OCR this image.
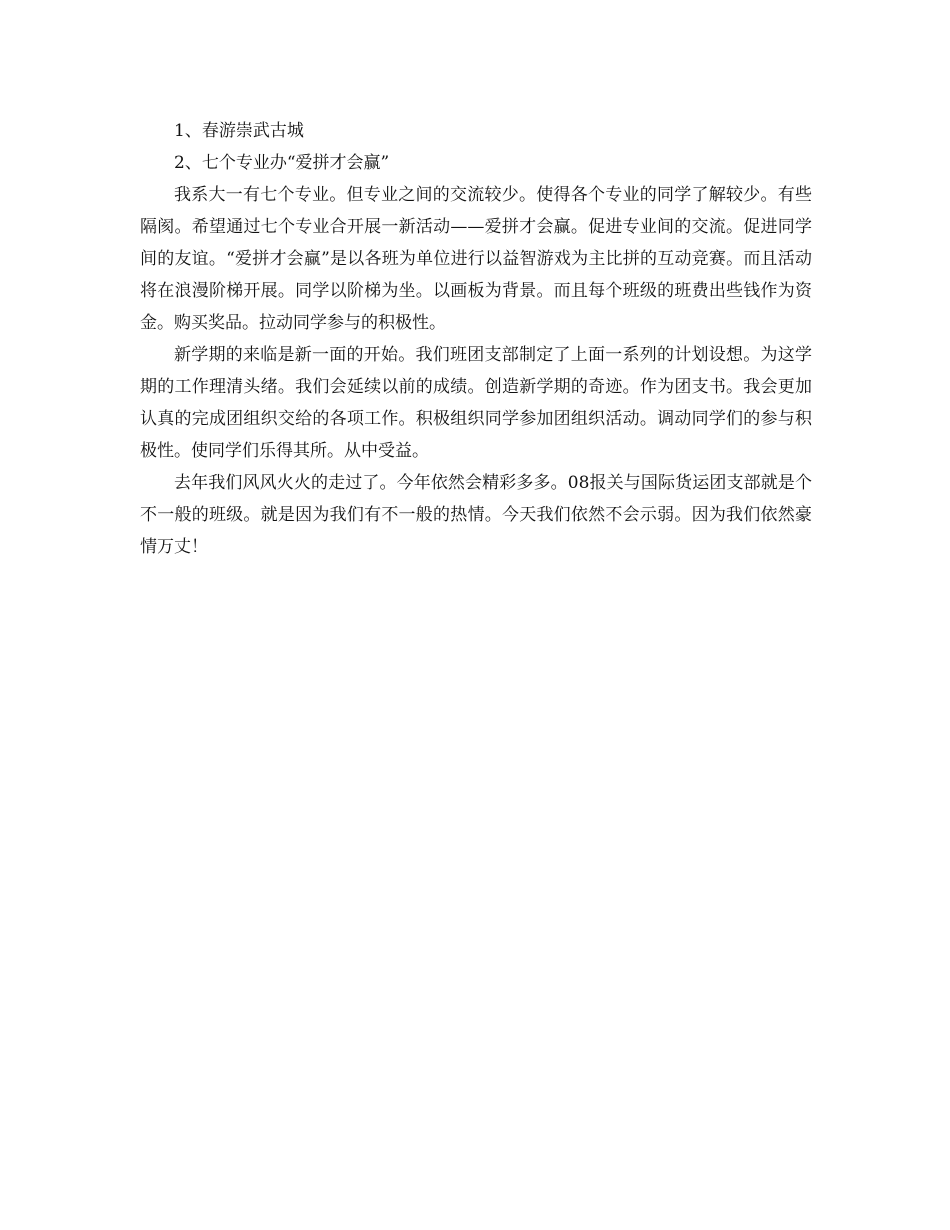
1、春游崇武古城

2、七个专业办“爱拼才会赢”

我系大一有七个专业。但专业之间的交流较少。使得各个专业的同学了解较少。有些隔阂。希望通过七个专业合开展一新活动——爱拼才会赢。促进专业间的交流。促进同学间的友谊。“爱拼才会赢”是以各班为单位进行以益智游戏为主比拼的互动竞赛。而且活动将在浪漫阶梯开展。同学以阶梯为坐。以画板为背景。而且每个班级的班费出些钱作为资金。购买奖品。拉动同学参与的积极性。

新学期的来临是新一面的开始。我们班团支部制定了上面一系列的计划设想。为这学期的工作理清头绪。我们会延续以前的成绩。创造新学期的奇迹。作为团支书。我会更加认真的完成团组织交给的各项工作。积极组织同学参加团组织活动。调动同学们的参与积极性。使同学们乐得其所。从中受益。

去年我们风风火火的走过了。今年依然会精彩多多。08报关与国际货运团支部就是个不一般的班级。就是因为我们有不一般的热情。今天我们依然不会示弱。因为我们依然豪情万丈！
